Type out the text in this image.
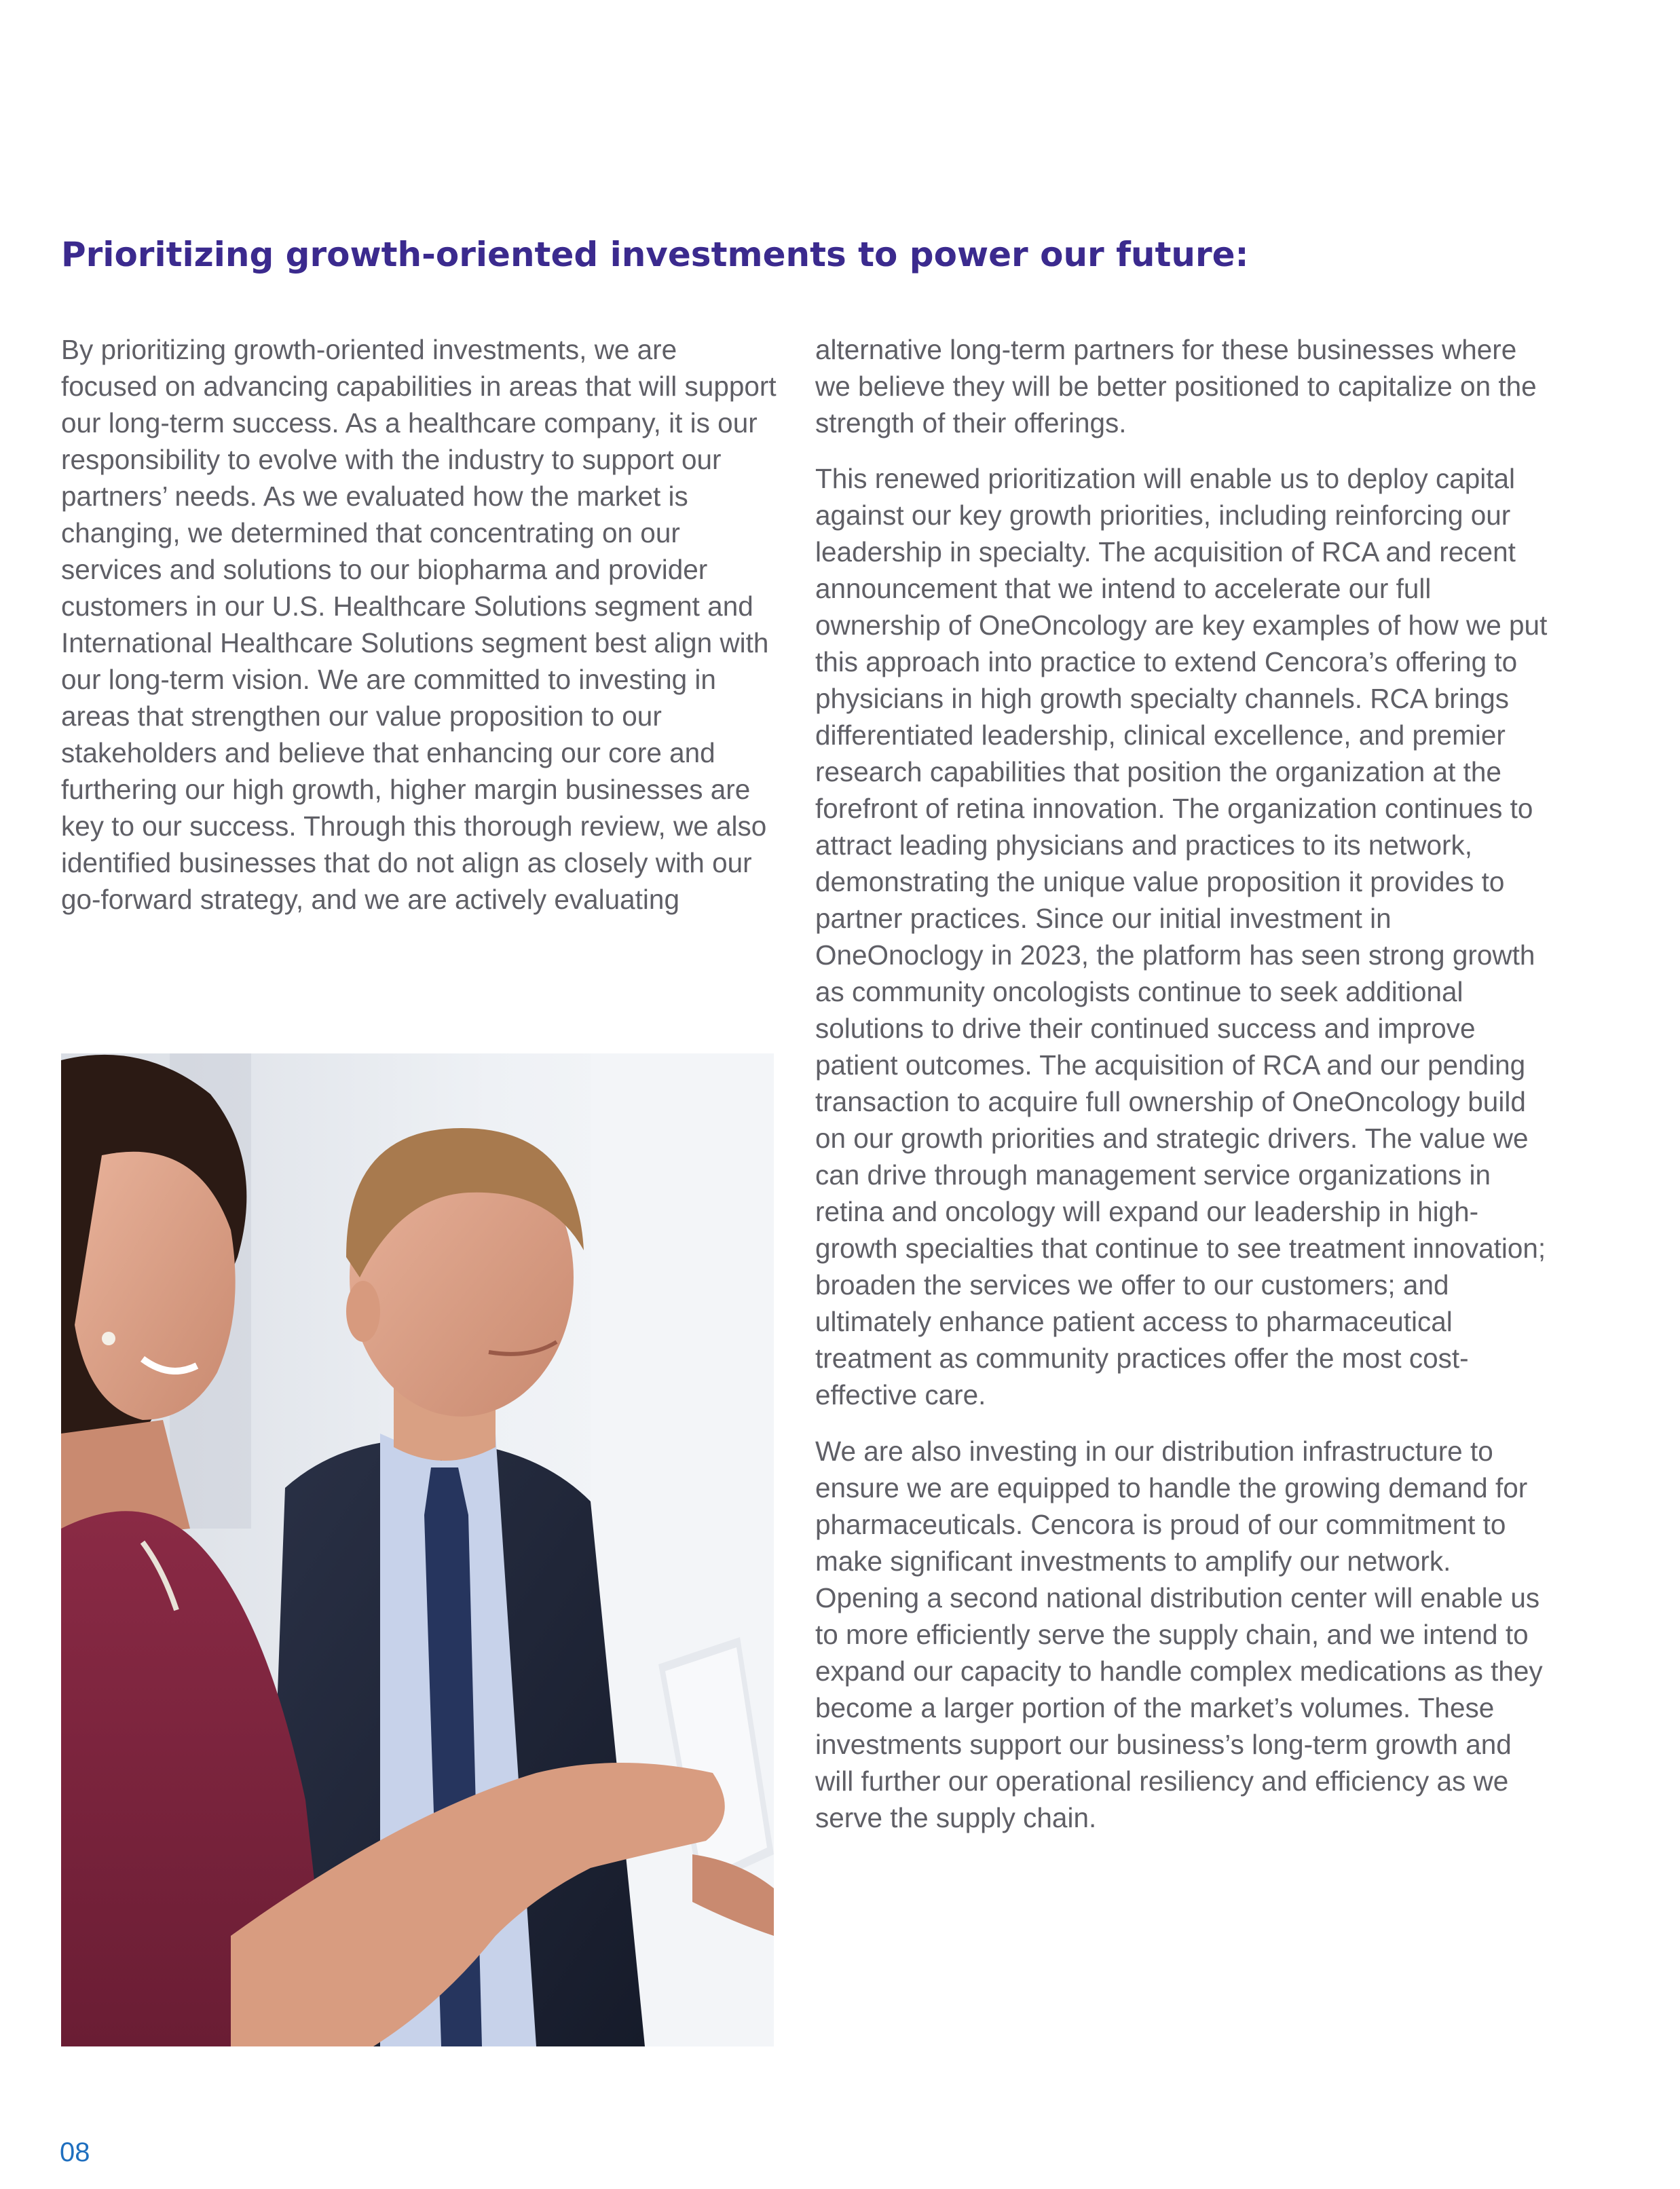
Prioritizing growth-oriented investments to power our future:

By prioritizing growth-oriented investments, we are focused on advancing capabilities in areas that will support our long-term success. As a healthcare company, it is our responsibility to evolve with the industry to support our partners’ needs. As we evaluated how the market is changing, we determined that concentrating on our services and solutions to our biopharma and provider customers in our U.S. Healthcare Solutions segment and International Healthcare Solutions segment best align with our long-term vision. We are committed to investing in areas that strengthen our value proposition to our stakeholders and believe that enhancing our core and furthering our high growth, higher margin businesses are key to our success. Through this thorough review, we also identified businesses that do not align as closely with our go-forward strategy, and we are actively evaluating

alternative long-term partners for these businesses where we believe they will be better positioned to capitalize on the strength of their offerings.

This renewed prioritization will enable us to deploy capital against our key growth priorities, including reinforcing our leadership in specialty. The acquisition of RCA and recent announcement that we intend to accelerate our full ownership of OneOncology are key examples of how we put this approach into practice to extend Cencora’s offering to physicians in high growth specialty channels. RCA brings differentiated leadership, clinical excellence, and premier research capabilities that position the organization at the forefront of retina innovation. The organization continues to attract leading physicians and practices to its network, demonstrating the unique value proposition it provides to partner practices. Since our initial investment in OneOnoclogy in 2023, the platform has seen strong growth as community oncologists continue to seek additional solutions to drive their continued success and improve patient outcomes. The acquisition of RCA and our pending transaction to acquire full ownership of OneOncology build on our growth priorities and strategic drivers. The value we can drive through management service organizations in retina and oncology will expand our leadership in high-growth specialties that continue to see treatment innovation; broaden the services we offer to our customers; and ultimately enhance patient access to pharmaceutical treatment as community practices offer the most cost-effective care.

We are also investing in our distribution infrastructure to ensure we are equipped to handle the growing demand for pharmaceuticals. Cencora is proud of our commitment to make significant investments to amplify our network. Opening a second national distribution center will enable us to more efficiently serve the supply chain, and we intend to expand our capacity to handle complex medications as they become a larger portion of the market’s volumes. These investments support our business’s long-term growth and will further our operational resiliency and efficiency as we serve the supply chain.

08
